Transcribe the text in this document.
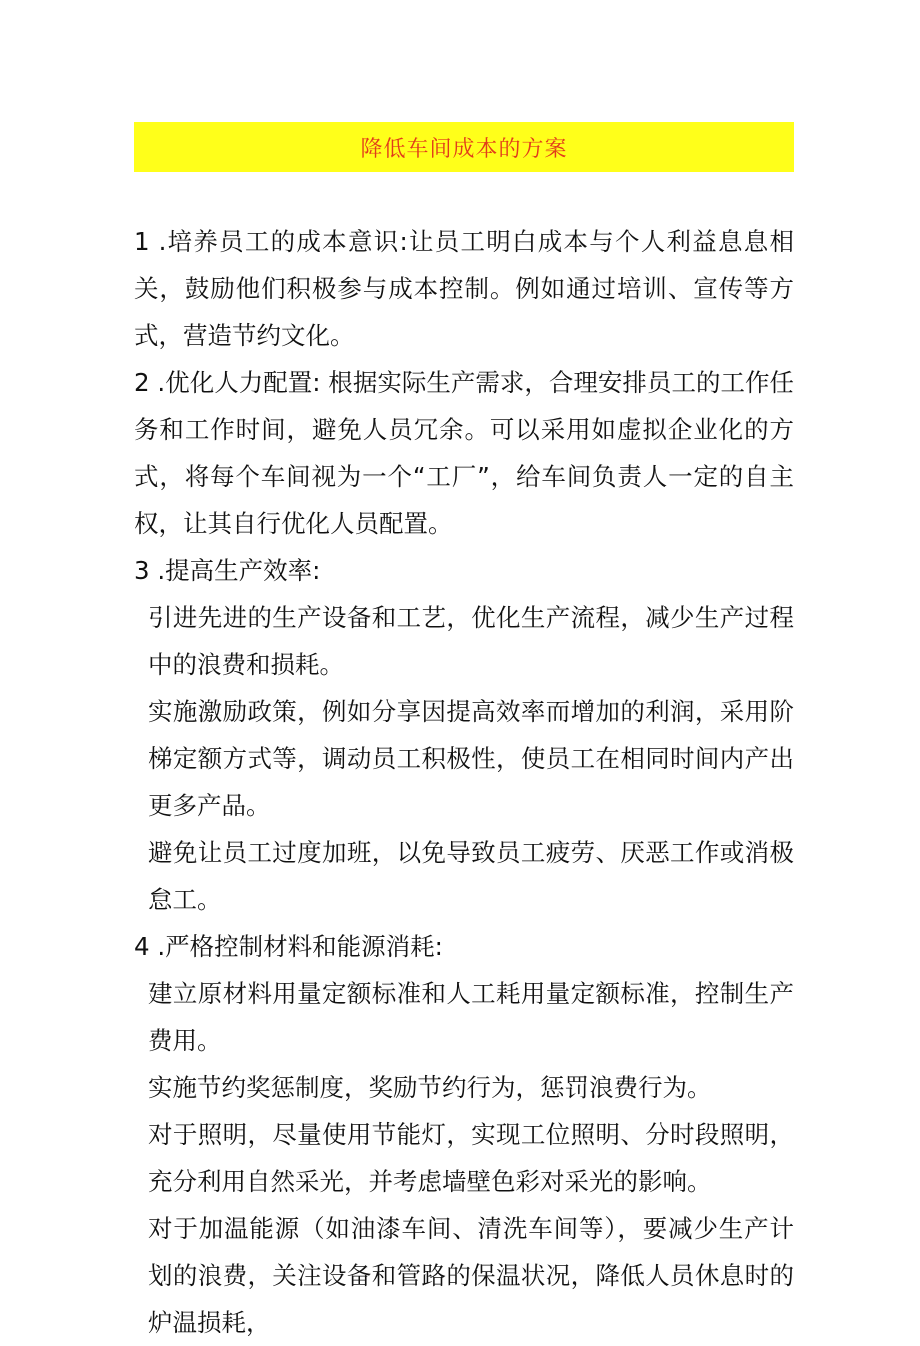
降低车间成本的方案

1 .培养员工的成本意识:让员工明白成本与个人利益息息相关，鼓励他们积极参与成本控制。例如通过培训、宣传等方式，营造节约文化。

2 .优化人力配置: 根据实际生产需求，合理安排员工的工作任务和工作时间，避免人员冗余。可以采用如虚拟企业化的方式，将每个车间视为一个“工厂”，给车间负责人一定的自主权，让其自行优化人员配置。

3 .提高生产效率:

引进先进的生产设备和工艺，优化生产流程，减少生产过程中的浪费和损耗。

实施激励政策，例如分享因提高效率而增加的利润，采用阶梯定额方式等，调动员工积极性，使员工在相同时间内产出更多产品。

避免让员工过度加班，以免导致员工疲劳、厌恶工作或消极怠工。

4 .严格控制材料和能源消耗:

建立原材料用量定额标准和人工耗用量定额标准，控制生产费用。

实施节约奖惩制度，奖励节约行为，惩罚浪费行为。

对于照明，尽量使用节能灯，实现工位照明、分时段照明，充分利用自然采光，并考虑墙壁色彩对采光的影响。

对于加温能源（如油漆车间、清洗车间等），要减少生产计划的浪费，关注设备和管路的保温状况，降低人员休息时的炉温损耗，
